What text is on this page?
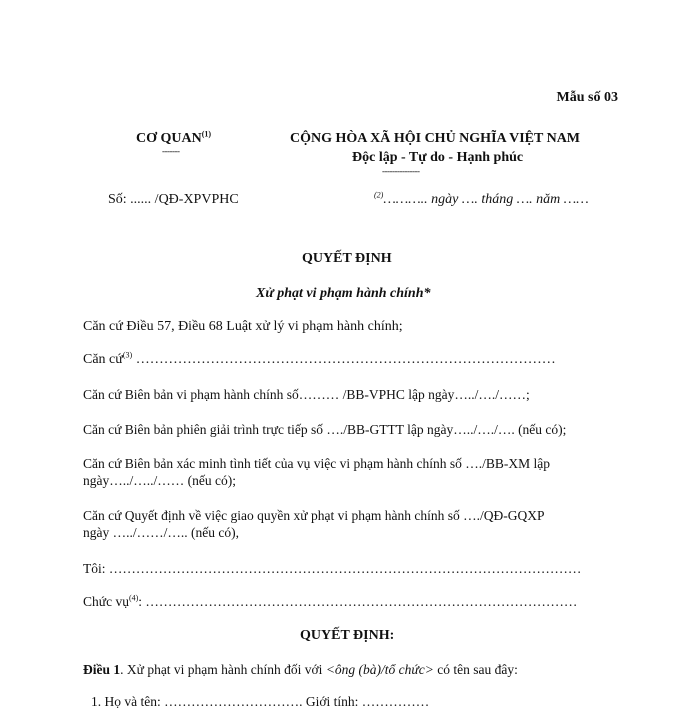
Mẫu số 03
CƠ QUAN$^{(1)}$
-------
CỘNG HÒA XÃ HỘI CHỦ NGHĨA VIỆT NAM
Độc lập - Tự do - Hạnh phúc
---------------
Số: ...... /QĐ-XPVPHC	$^{(2)}$……….. ngày …. tháng …. năm ……
QUYẾT ĐỊNH
Xử phạt vi phạm hành chính*
Căn cứ Điều 57, Điều 68 Luật xử lý vi phạm hành chính;
Căn cứ$^{(3)}$ ………………………………………………………………………………
Căn cứ Biên bản vi phạm hành chính số……… /BB-VPHC lập ngày…../…./……;
Căn cứ Biên bản phiên giải trình trực tiếp số …./BB-GTTT lập ngày…../…./…. (nếu có);
Căn cứ Biên bản xác minh tình tiết của vụ việc vi phạm hành chính số …./BB-XM lập
ngày…../…../…… (nếu có);
Căn cứ Quyết định về việc giao quyền xử phạt vi phạm hành chính số …./QĐ-GQXP
ngày …../……/….. (nếu có),
Tôi: ……………………………………………………………………………………………
Chức vụ$^{(4)}$: ……………………………………………………………………………………
QUYẾT ĐỊNH:
Điều 1. Xử phạt vi phạm hành chính đối với <ông (bà)/tổ chức> có tên sau đây:
1. Họ và tên: …………………………. Giới tính: ……………
